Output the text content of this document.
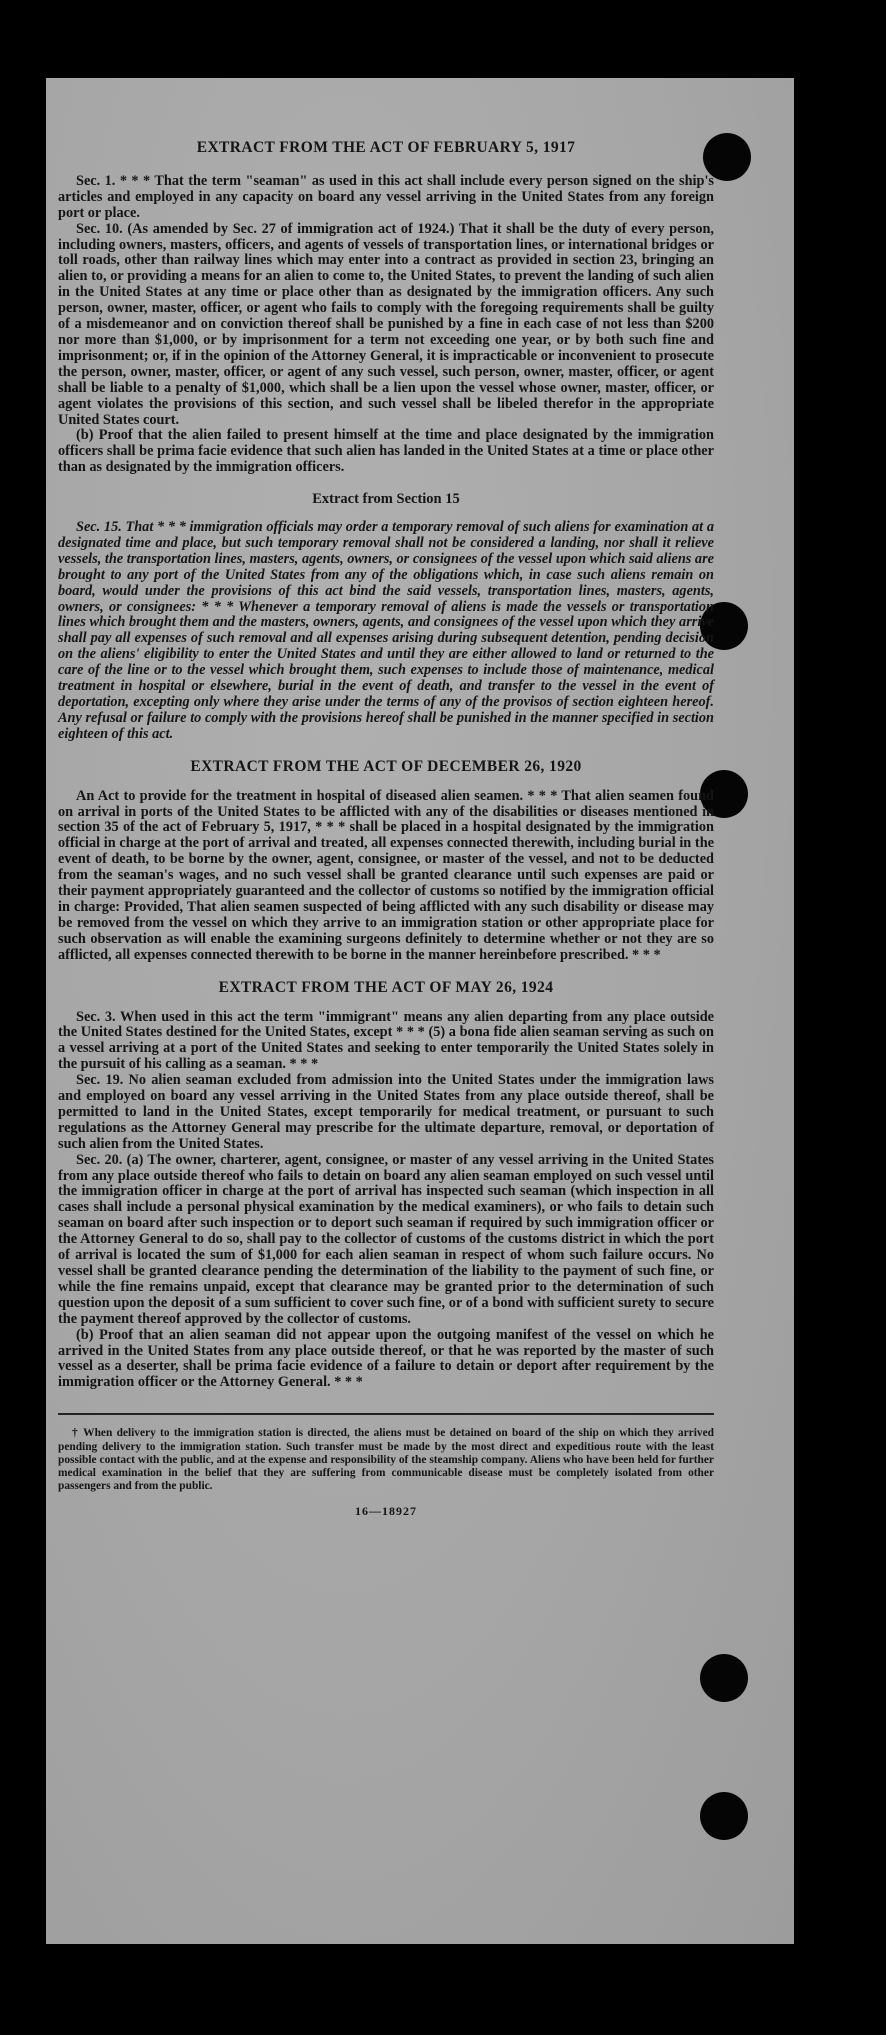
EXTRACT FROM THE ACT OF FEBRUARY 5, 1917

Sec. 1. * * * That the term "seaman" as used in this act shall include every person signed on the ship's articles and employed in any capacity on board any vessel arriving in the United States from any foreign port or place.

Sec. 10. (As amended by Sec. 27 of immigration act of 1924.) That it shall be the duty of every person, including owners, masters, officers, and agents of vessels of transportation lines, or international bridges or toll roads, other than railway lines which may enter into a contract as provided in section 23, bringing an alien to, or providing a means for an alien to come to, the United States, to prevent the landing of such alien in the United States at any time or place other than as designated by the immigration officers. Any such person, owner, master, officer, or agent who fails to comply with the foregoing requirements shall be guilty of a misdemeanor and on conviction thereof shall be punished by a fine in each case of not less than $200 nor more than $1,000, or by imprisonment for a term not exceeding one year, or by both such fine and imprisonment; or, if in the opinion of the Attorney General, it is impracticable or inconvenient to prosecute the person, owner, master, officer, or agent of any such vessel, such person, owner, master, officer, or agent shall be liable to a penalty of $1,000, which shall be a lien upon the vessel whose owner, master, officer, or agent violates the provisions of this section, and such vessel shall be libeled therefor in the appropriate United States court.

(b) Proof that the alien failed to present himself at the time and place designated by the immigration officers shall be prima facie evidence that such alien has landed in the United States at a time or place other than as designated by the immigration officers.

Extract from Section 15

Sec. 15. That * * * immigration officials may order a temporary removal of such aliens for examination at a designated time and place, but such temporary removal shall not be considered a landing, nor shall it relieve vessels, the transportation lines, masters, agents, owners, or consignees of the vessel upon which said aliens are brought to any port of the United States from any of the obligations which, in case such aliens remain on board, would under the provisions of this act bind the said vessels, transportation lines, masters, agents, owners, or consignees: * * * Whenever a temporary removal of aliens is made the vessels or transportation lines which brought them and the masters, owners, agents, and consignees of the vessel upon which they arrive shall pay all expenses of such removal and all expenses arising during subsequent detention, pending decision on the aliens' eligibility to enter the United States and until they are either allowed to land or returned to the care of the line or to the vessel which brought them, such expenses to include those of maintenance, medical treatment in hospital or elsewhere, burial in the event of death, and transfer to the vessel in the event of deportation, excepting only where they arise under the terms of any of the provisos of section eighteen hereof. Any refusal or failure to comply with the provisions hereof shall be punished in the manner specified in section eighteen of this act.

EXTRACT FROM THE ACT OF DECEMBER 26, 1920

An Act to provide for the treatment in hospital of diseased alien seamen. * * * That alien seamen found on arrival in ports of the United States to be afflicted with any of the disabilities or diseases mentioned in section 35 of the act of February 5, 1917, * * * shall be placed in a hospital designated by the immigration official in charge at the port of arrival and treated, all expenses connected therewith, including burial in the event of death, to be borne by the owner, agent, consignee, or master of the vessel, and not to be deducted from the seaman's wages, and no such vessel shall be granted clearance until such expenses are paid or their payment appropriately guaranteed and the collector of customs so notified by the immigration official in charge: Provided, That alien seamen suspected of being afflicted with any such disability or disease may be removed from the vessel on which they arrive to an immigration station or other appropriate place for such observation as will enable the examining surgeons definitely to determine whether or not they are so afflicted, all expenses connected therewith to be borne in the manner hereinbefore prescribed. * * *

EXTRACT FROM THE ACT OF MAY 26, 1924

Sec. 3. When used in this act the term "immigrant" means any alien departing from any place outside the United States destined for the United States, except * * * (5) a bona fide alien seaman serving as such on a vessel arriving at a port of the United States and seeking to enter temporarily the United States solely in the pursuit of his calling as a seaman. * * *

Sec. 19. No alien seaman excluded from admission into the United States under the immigration laws and employed on board any vessel arriving in the United States from any place outside thereof, shall be permitted to land in the United States, except temporarily for medical treatment, or pursuant to such regulations as the Attorney General may prescribe for the ultimate departure, removal, or deportation of such alien from the United States.

Sec. 20. (a) The owner, charterer, agent, consignee, or master of any vessel arriving in the United States from any place outside thereof who fails to detain on board any alien seaman employed on such vessel until the immigration officer in charge at the port of arrival has inspected such seaman (which inspection in all cases shall include a personal physical examination by the medical examiners), or who fails to detain such seaman on board after such inspection or to deport such seaman if required by such immigration officer or the Attorney General to do so, shall pay to the collector of customs of the customs district in which the port of arrival is located the sum of $1,000 for each alien seaman in respect of whom such failure occurs. No vessel shall be granted clearance pending the determination of the liability to the payment of such fine, or while the fine remains unpaid, except that clearance may be granted prior to the determination of such question upon the deposit of a sum sufficient to cover such fine, or of a bond with sufficient surety to secure the payment thereof approved by the collector of customs.

(b) Proof that an alien seaman did not appear upon the outgoing manifest of the vessel on which he arrived in the United States from any place outside thereof, or that he was reported by the master of such vessel as a deserter, shall be prima facie evidence of a failure to detain or deport after requirement by the immigration officer or the Attorney General. * * *

† When delivery to the immigration station is directed, the aliens must be detained on board of the ship on which they arrived pending delivery to the immigration station. Such transfer must be made by the most direct and expeditious route with the least possible contact with the public, and at the expense and responsibility of the steamship company. Aliens who have been held for further medical examination in the belief that they are suffering from communicable disease must be completely isolated from other passengers and from the public.

16—18927
